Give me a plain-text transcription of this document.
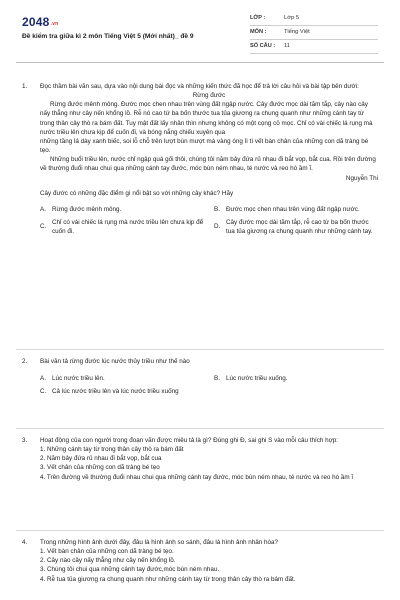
2048.vn
Đề kiểm tra giữa kì 2 môn Tiếng Việt 5 (Mới nhất)_ đề 9
LỚP :	Lớp 5
MÔN :	Tiếng Việt
SỐ CÂU :	11
1. Đọc thầm bài văn sau, dựa vào nội dung bài đọc và những kiến thức đã học để trả lời câu hỏi và bài tập bên dưới:

Rừng đước

Rừng đước mênh mông. Đước mọc chen nhau trên vùng đất ngập nước. Cây đước mọc dài tăm tắp, cây nào cây nấy thẳng như cây nến khổng lồ. Rễ nó cao tứ ba bốn thước tua tủa giương ra chung quanh như những cánh tay từ trong thân cây thò ra bám đất. Tuy mật đất lấy nhân thìn nhưng không có một cọng cỏ mọc. Chỉ có vài chiếc lá rụng mà nước triều lên chưa kịp để cuốn đi, và bóng nắng chiếu xuyên qua

những tầng lá dày xanh biếc, soi lỗ chỗ trên lượt bùn mượt mà vàng óng lì tì vết bàn chân của những con dã tràng bé tẹo.

Những buổi triều lên, nước chỉ ngập quá gối thôi, chúng tôi năm bảy đứa rủ nhau đi bắt vọp, bắt cua. Rồi trên đường về thường đuổi nhau chui qua những cánh tay đước, móc bùn ném nhau, té nước và reo hò ầm ĩ.

Nguyễn Thi

Cây đước có những đặc điểm gì nổi bật so với những cây khác? Hãy

A. Rừng đước mênh mông.	B. Đước mọc chen nhau trên vùng đất ngập nước.
C.
Chỉ có vài chiếc lá rụng mà nước triều lên chưa kịp để cuốn đi.
D.
Cây đước mọc dài tăm tắp, rễ cao từ ba bốn thước tua tủa giương ra chung quanh như những cánh tay.
2. Bài văn tả rừng đước lúc nước thủy triều như thế nào

A. Lúc nước triều lên.	B. Lúc nước triều xuống.
C. Cả lúc nước triều lên và lúc nước triều xuống
3. Hoạt động của con người trong đoạn văn được miêu tả là gì? Đúng ghi Đ, sai ghi S vào mỗi câu thích hợp:

1. Những cánh tay từ trong thân cây thò ra bám đất

2. Năm bảy đứa rủ nhau đi bắt vọp, bắt cua

3. Vết chân của những con dã tràng bé tẹo

4. Trên đường về thường đuổi nhau chui qua những cánh tay đước, móc bùn ném nhau, té nước và reo hò ầm ĩ

4. Trong những hình ảnh dưới đây, đâu là hình ảnh so sánh, đâu là hình ảnh nhân hóa?

1. Vết bàn chân của những con dã tràng bé tẹo.

2. Cây nào cây nấy thẳng như cây nến khổng lồ.

3. Chúng tôi chui qua những cánh tay đước,móc bùn ném nhau.

4. Rễ tua tủa giương ra chung quanh như những cánh tay từ trong thân cây thò ra bám đất.
